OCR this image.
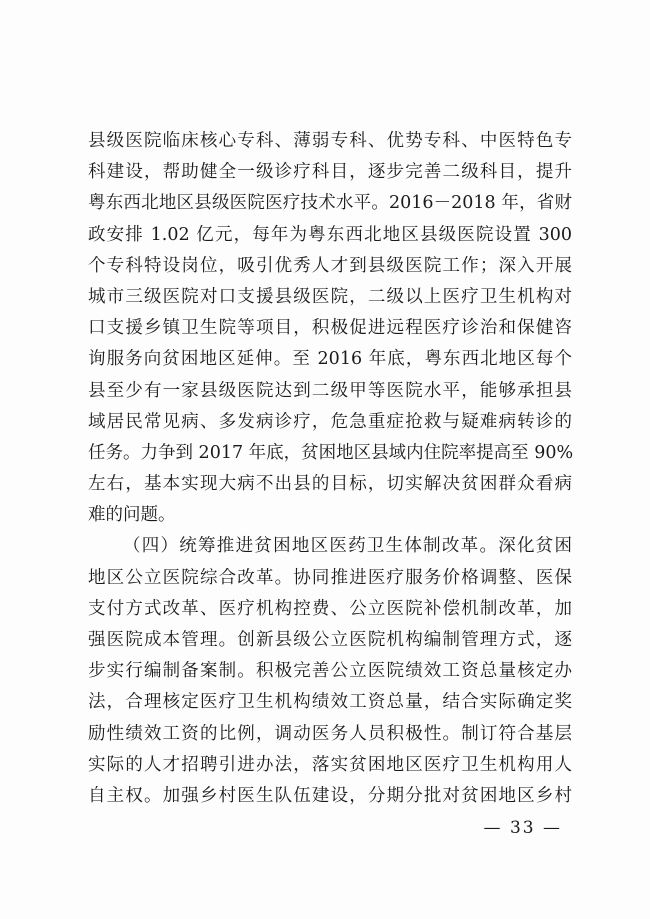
县级医院临床核心专科、薄弱专科、优势专科、中医特色专
科建设，帮助健全一级诊疗科目，逐步完善二级科目，提升
粤东西北地区县级医院医疗技术水平。2016－2018 年，省财
政安排 1.02 亿元，每年为粤东西北地区县级医院设置 300
个专科特设岗位，吸引优秀人才到县级医院工作；深入开展
城市三级医院对口支援县级医院，二级以上医疗卫生机构对
口支援乡镇卫生院等项目，积极促进远程医疗诊治和保健咨
询服务向贫困地区延伸。至 2016 年底，粤东西北地区每个
县至少有一家县级医院达到二级甲等医院水平，能够承担县
域居民常见病、多发病诊疗，危急重症抢救与疑难病转诊的
任务。力争到 2017 年底，贫困地区县域内住院率提高至 90%
左右，基本实现大病不出县的目标，切实解决贫困群众看病
难的问题。
（四）统筹推进贫困地区医药卫生体制改革。深化贫困
地区公立医院综合改革。协同推进医疗服务价格调整、医保
支付方式改革、医疗机构控费、公立医院补偿机制改革，加
强医院成本管理。创新县级公立医院机构编制管理方式，逐
步实行编制备案制。积极完善公立医院绩效工资总量核定办
法，合理核定医疗卫生机构绩效工资总量，结合实际确定奖
励性绩效工资的比例，调动医务人员积极性。制订符合基层
实际的人才招聘引进办法，落实贫困地区医疗卫生机构用人
自主权。加强乡村医生队伍建设，分期分批对贫困地区乡村
— 33 —
